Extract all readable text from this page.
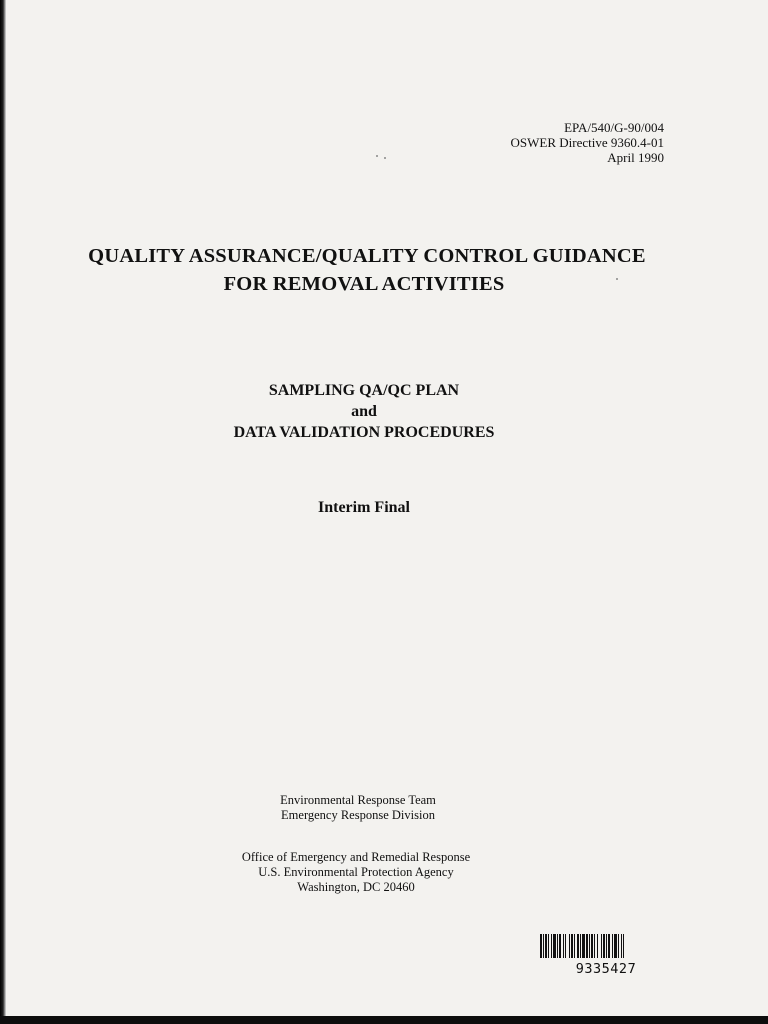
EPA/540/G-90/004
OSWER Directive 9360.4-01
April 1990
QUALITY ASSURANCE/QUALITY CONTROL GUIDANCE
FOR REMOVAL ACTIVITIES
SAMPLING QA/QC PLAN
and
DATA VALIDATION PROCEDURES
Interim Final
Environmental Response Team
Emergency Response Division
Office of Emergency and Remedial Response
U.S. Environmental Protection Agency
Washington, DC 20460
9335427
